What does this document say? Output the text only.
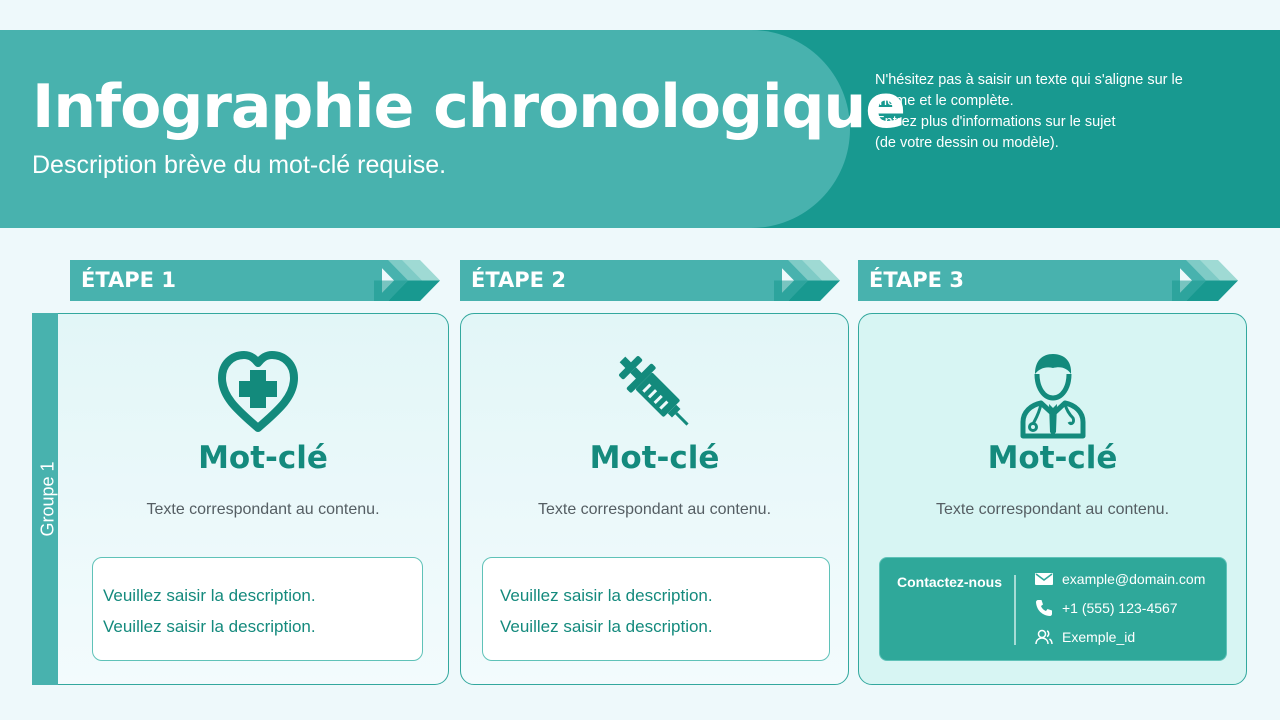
Infographie chronologique
Description brève du mot-clé requise.
N'hésitez pas à saisir un texte qui s'aligne sur le
thème et le complète.
Entrez plus d'informations sur le sujet
(de votre dessin ou modèle).
ÉTAPE 1	ÉTAPE 2	ÉTAPE 3
Groupe 1
Mot-clé
Texte correspondant au contenu.
Veuillez saisir la description.
Veuillez saisir la description.
Mot-clé
Texte correspondant au contenu.
Veuillez saisir la description.
Veuillez saisir la description.
Mot-clé
Texte correspondant au contenu.
Contactez-nous	example@domain.com
+1 (555) 123-4567
Exemple_id
